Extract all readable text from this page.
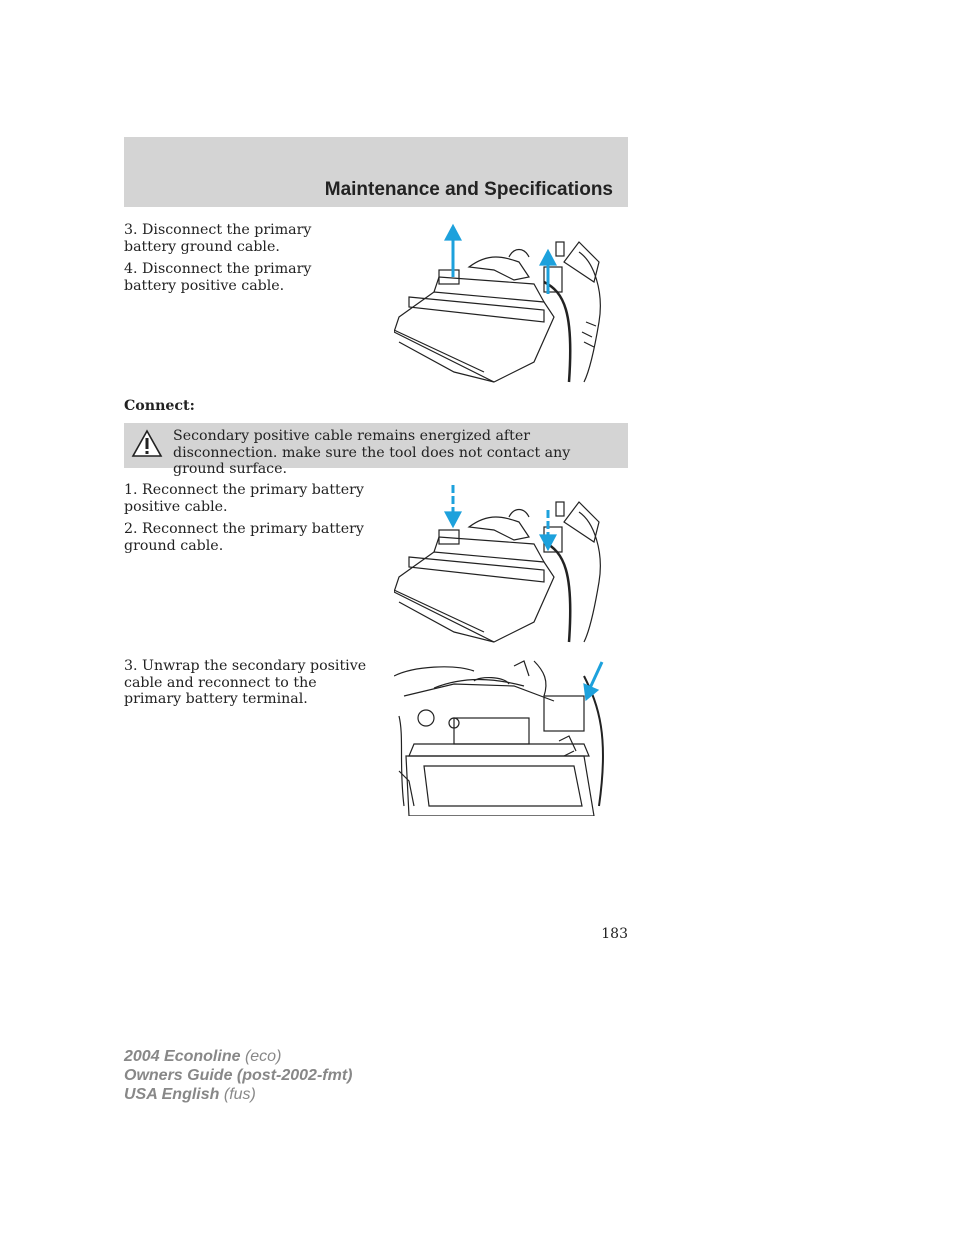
Maintenance and Specifications

3. Disconnect the primary battery ground cable.

4. Disconnect the primary battery positive cable.

Connect:

Secondary positive cable remains energized after disconnection. make sure the tool does not contact any ground surface.

1. Reconnect the primary battery positive cable.

2. Reconnect the primary battery ground cable.

3. Unwrap the secondary positive cable and reconnect to the primary battery terminal.

183

2004 Econoline (eco)
Owners Guide (post-2002-fmt)
USA English (fus)
